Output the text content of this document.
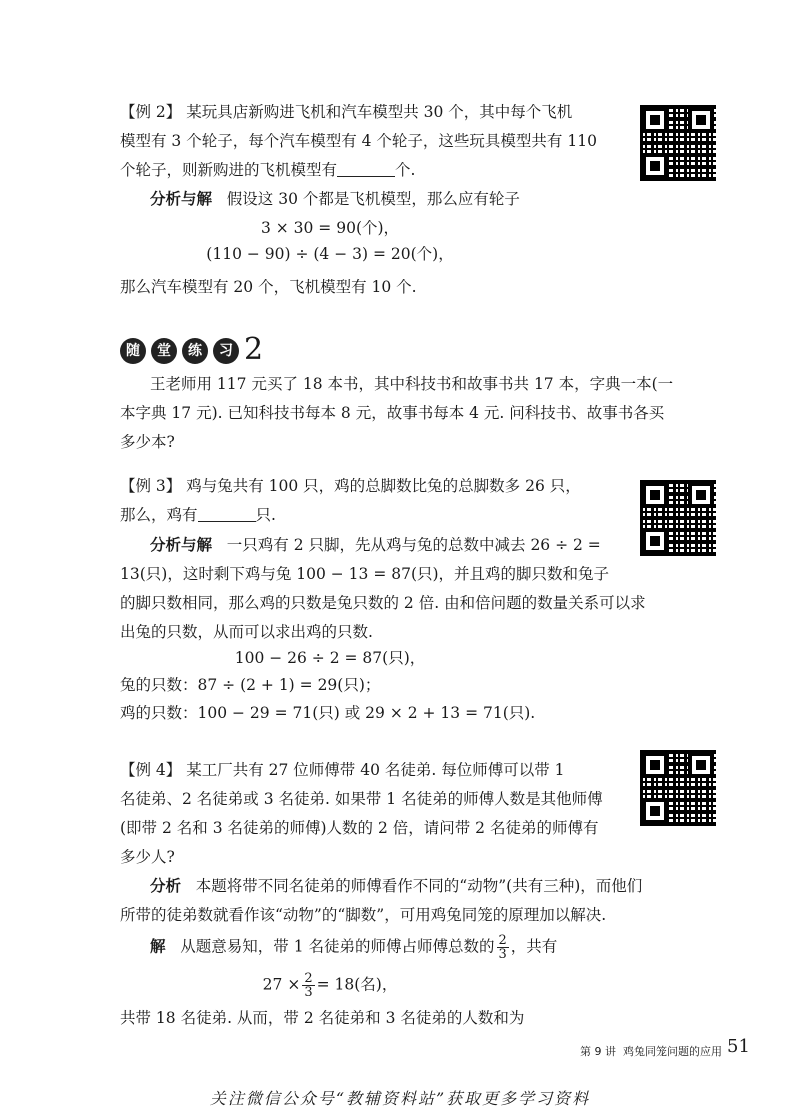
【例 2】 某玩具店新购进飞机和汽车模型共 30 个，其中每个飞机
模型有 3 个轮子，每个汽车模型有 4 个轮子，这些玩具模型共有 110
个轮子，则新购进的飞机模型有	个.
分析与解 假设这 30 个都是飞机模型，那么应有轮子
3 × 30 = 90(个)，
(110 − 90) ÷ (4 − 3) = 20(个)，
那么汽车模型有 20 个，飞机模型有 10 个.
随 堂 练 习 2
王老师用 117 元买了 18 本书，其中科技书和故事书共 17 本，字典一本(一
本字典 17 元). 已知科技书每本 8 元，故事书每本 4 元. 问科技书、故事书各买
多少本?
【例 3】 鸡与兔共有 100 只，鸡的总脚数比兔的总脚数多 26 只，
那么，鸡有	只.
分析与解 一只鸡有 2 只脚，先从鸡与兔的总数中减去 26 ÷ 2 =
13(只)，这时剩下鸡与兔 100 − 13 = 87(只)，并且鸡的脚只数和兔子
的脚只数相同，那么鸡的只数是兔只数的 2 倍. 由和倍问题的数量关系可以求
出兔的只数，从而可以求出鸡的只数.
100 − 26 ÷ 2 = 87(只)，
兔的只数：87 ÷ (2 + 1) = 29(只)；
鸡的只数：100 − 29 = 71(只) 或 29 × 2 + 13 = 71(只).
【例 4】 某工厂共有 27 位师傅带 40 名徒弟. 每位师傅可以带 1
名徒弟、2 名徒弟或 3 名徒弟. 如果带 1 名徒弟的师傅人数是其他师傅
(即带 2 名和 3 名徒弟的师傅)人数的 2 倍，请问带 2 名徒弟的师傅有
多少人?
分析 本题将带不同名徒弟的师傅看作不同的“动物”(共有三种)，而他们
所带的徒弟数就看作该“动物”的“脚数”，可用鸡兔同笼的原理加以解决.
解 从题意易知，带 1 名徒弟的师傅占师傅总数的 $\frac{2}{3}$ ，共有
$27 \times \frac{2}{3} = 18$(名)，
共带 18 名徒弟. 从而，带 2 名徒弟和 3 名徒弟的人数和为
第 9 讲 鸡兔同笼问题的应用 51
关注微信公众号“教辅资料站”获取更多学习资料
